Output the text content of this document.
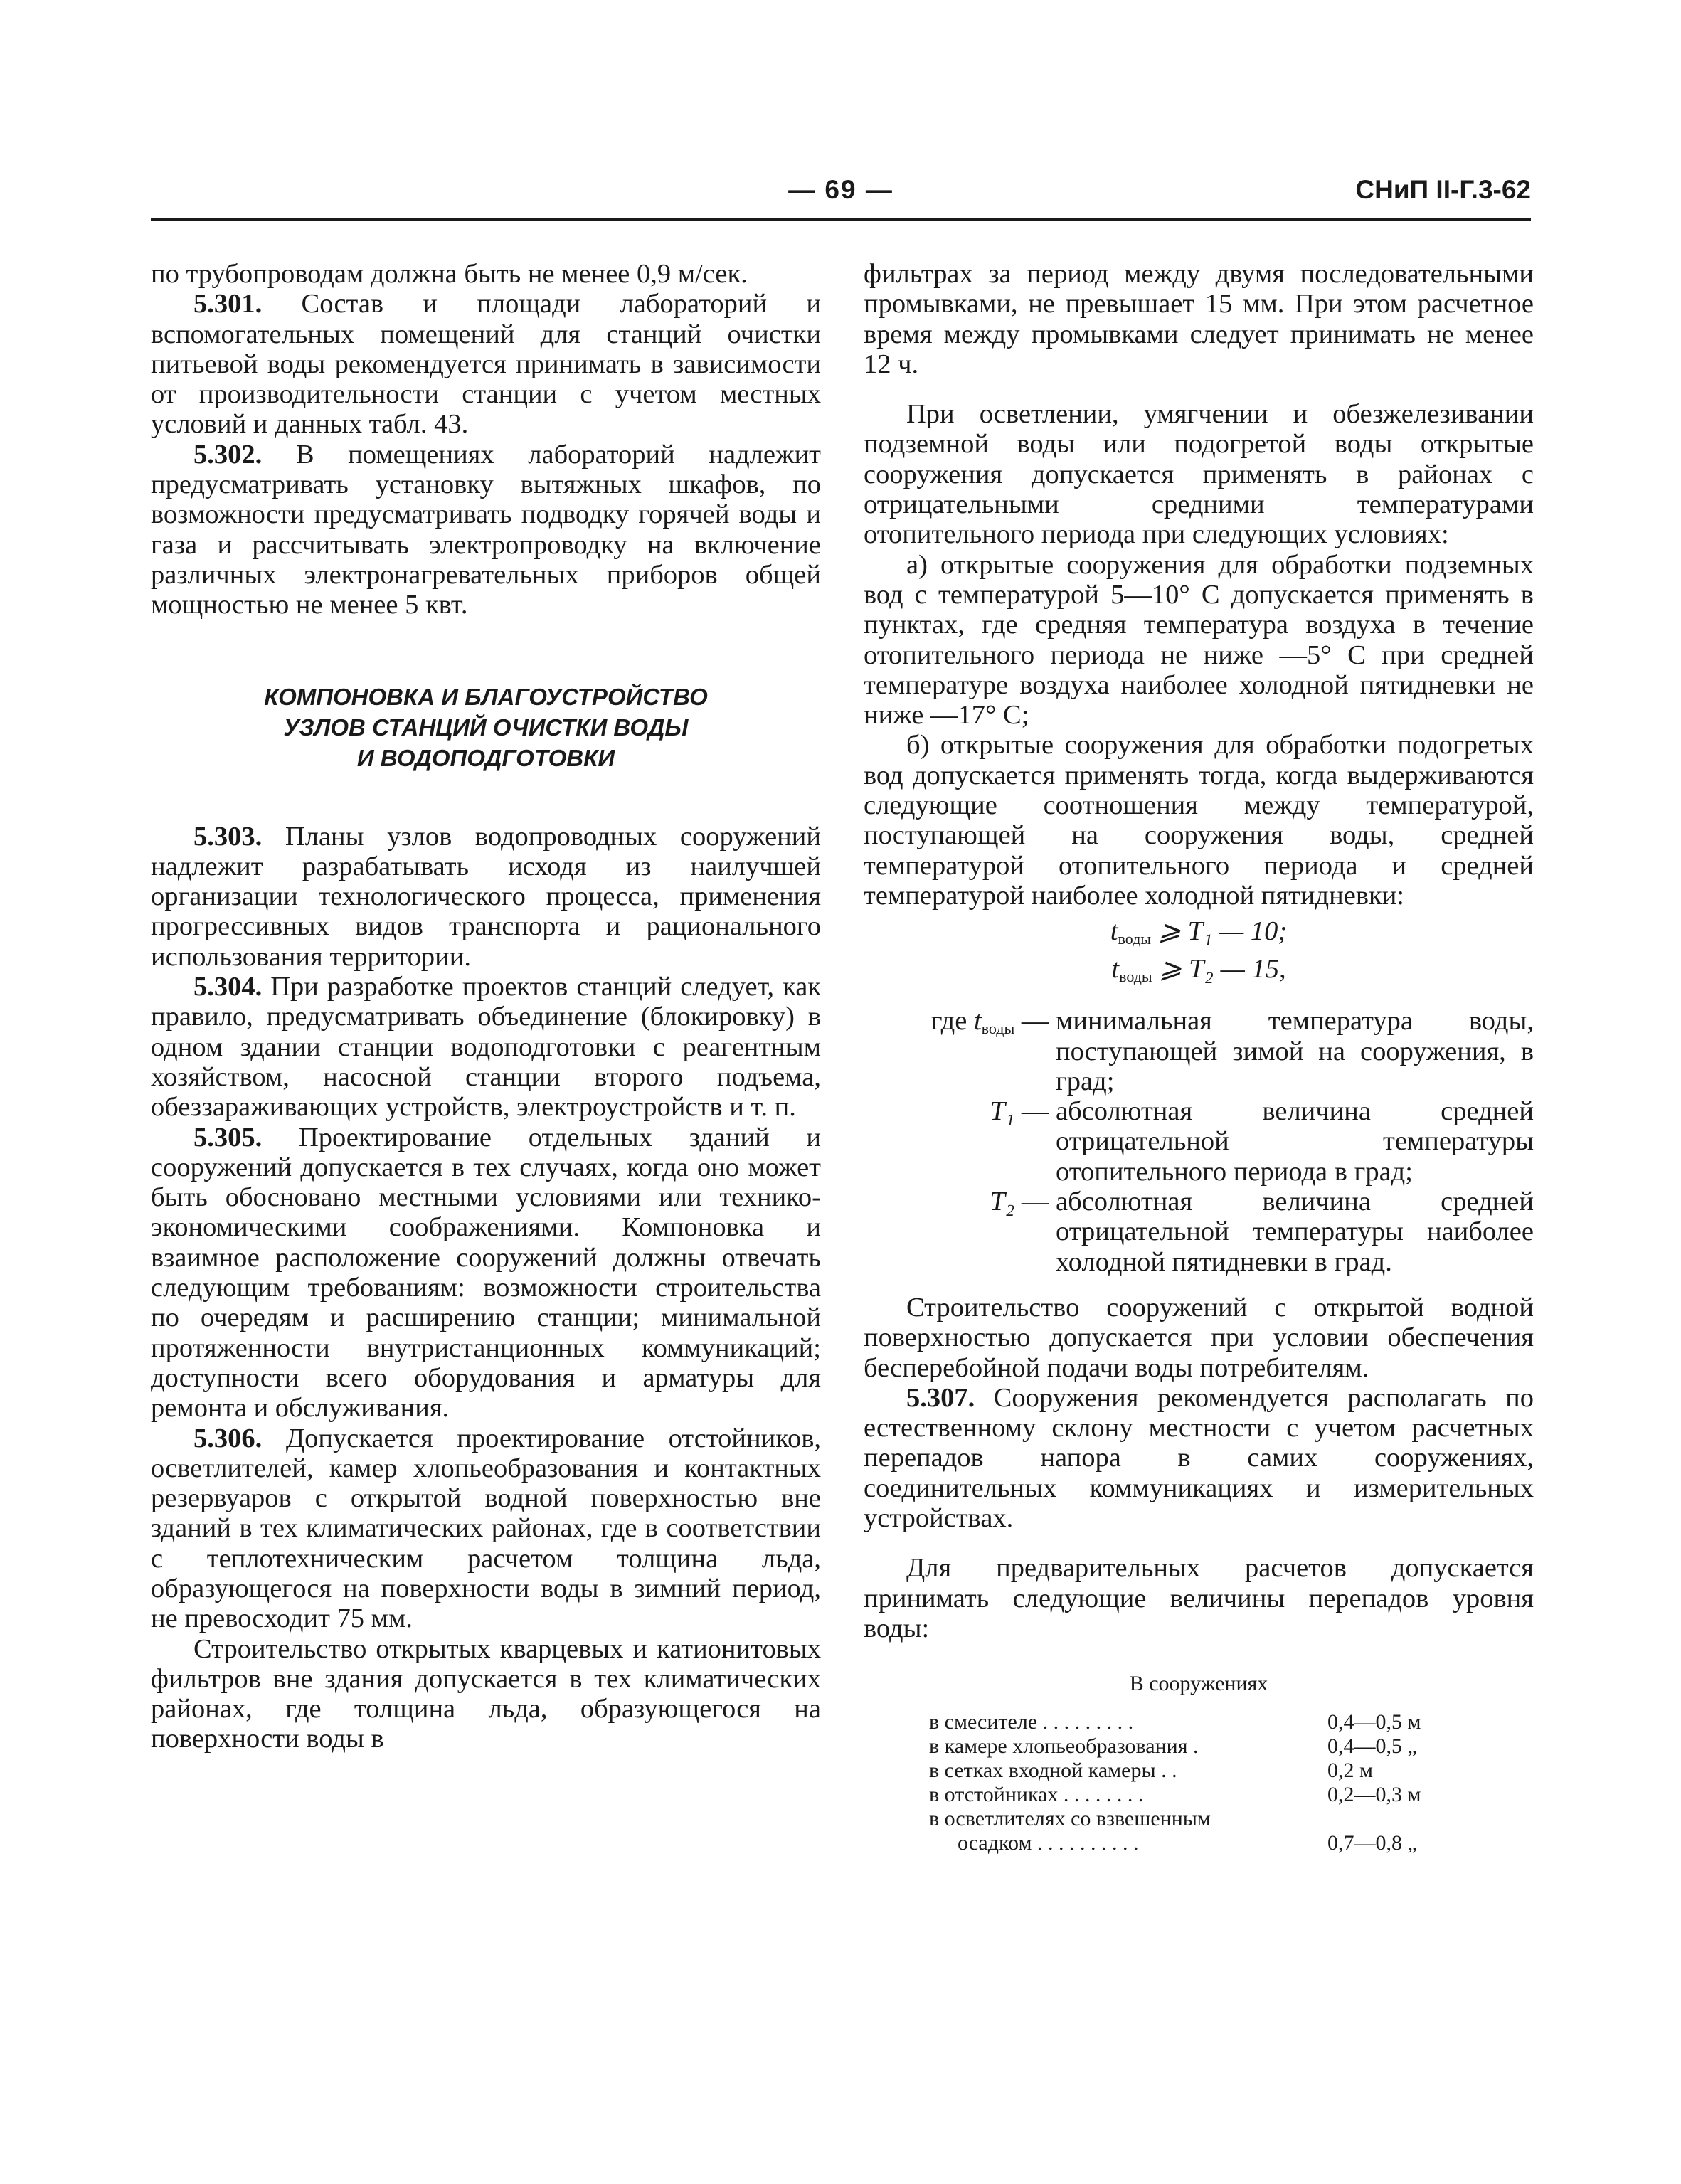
— 69 —	СНиП II-Г.3-62

по трубопроводам должна быть не менее 0,9 м/сек.

5.301. Состав и площади лабораторий и вспомогательных помещений для станций очистки питьевой воды рекомендуется принимать в зависимости от производительности станции с учетом местных условий и данных табл. 43.

5.302. В помещениях лабораторий надлежит предусматривать установку вытяжных шкафов, по возможности предусматривать подводку горячей воды и газа и рассчитывать электропроводку на включение различных электронагревательных приборов общей мощностью не менее 5 квт.

КОМПОНОВКА И БЛАГОУСТРОЙСТВО
УЗЛОВ СТАНЦИЙ ОЧИСТКИ ВОДЫ
И ВОДОПОДГОТОВКИ

5.303. Планы узлов водопроводных сооружений надлежит разрабатывать исходя из наилучшей организации технологического процесса, применения прогрессивных видов транспорта и рационального использования территории.

5.304. При разработке проектов станций следует, как правило, предусматривать объединение (блокировку) в одном здании станции водоподготовки с реагентным хозяйством, насосной станции второго подъема, обеззараживающих устройств, электроустройств и т. п.

5.305. Проектирование отдельных зданий и сооружений допускается в тех случаях, когда оно может быть обосновано местными условиями или технико-экономическими соображениями. Компоновка и взаимное расположение сооружений должны отвечать следующим требованиям: возможности строительства по очередям и расширению станции; минимальной протяженности внутристанционных коммуникаций; доступности всего оборудования и арматуры для ремонта и обслуживания.

5.306. Допускается проектирование отстойников, осветлителей, камер хлопьеобразования и контактных резервуаров с открытой водной поверхностью вне зданий в тех климатических районах, где в соответствии с теплотехническим расчетом толщина льда, образующегося на поверхности воды в зимний период, не превосходит 75 мм.

Строительство открытых кварцевых и катионитовых фильтров вне здания допускается в тех климатических районах, где толщина льда, образующегося на поверхности воды в

фильтрах за период между двумя последовательными промывками, не превышает 15 мм. При этом расчетное время между промывками следует принимать не менее 12 ч.

При осветлении, умягчении и обезжелезивании подземной воды или подогретой воды открытые сооружения допускается применять в районах с отрицательными средними температурами отопительного периода при следующих условиях:

а) открытые сооружения для обработки подземных вод с температурой 5—10° С допускается применять в пунктах, где средняя температура воздуха в течение отопительного периода не ниже —5° С при средней температуре воздуха наиболее холодной пятидневки не ниже —17° С;

б) открытые сооружения для обработки подогретых вод допускается применять тогда, когда выдерживаются следующие соотношения между температурой, поступающей на сооружения воды, средней температурой отопительного периода и средней температурой наиболее холодной пятидневки:

$t_{воды}$ ⩾ T₁ — 10;
$t_{воды}$ ⩾ T₂ — 15,
где $t_{воды}$ — минимальная температура воды, поступающей зимой на сооружения, в град;
T₁ — абсолютная величина средней отрицательной температуры отопительного периода в град;
T₂ — абсолютная величина средней отрицательной температуры наиболее холодной пятидневки в град.

Строительство сооружений с открытой водной поверхностью допускается при условии обеспечения бесперебойной подачи воды потребителям.

5.307. Сооружения рекомендуется располагать по естественному склону местности с учетом расчетных перепадов напора в самих сооружениях, соединительных коммуникациях и измерительных устройствах.

Для предварительных расчетов допускается принимать следующие величины перепадов уровня воды:

В сооружениях
в смесителе . . . . . . . . .	0,4—0,5 м
в камере хлопьеобразования .	0,4—0,5 „
в сетках входной камеры . .	0,2 м
в отстойниках . . . . . . . .	0,2—0,3 м
в осветлителях со взвешенным
осадком . . . . . . . . . .	0,7—0,8 „
